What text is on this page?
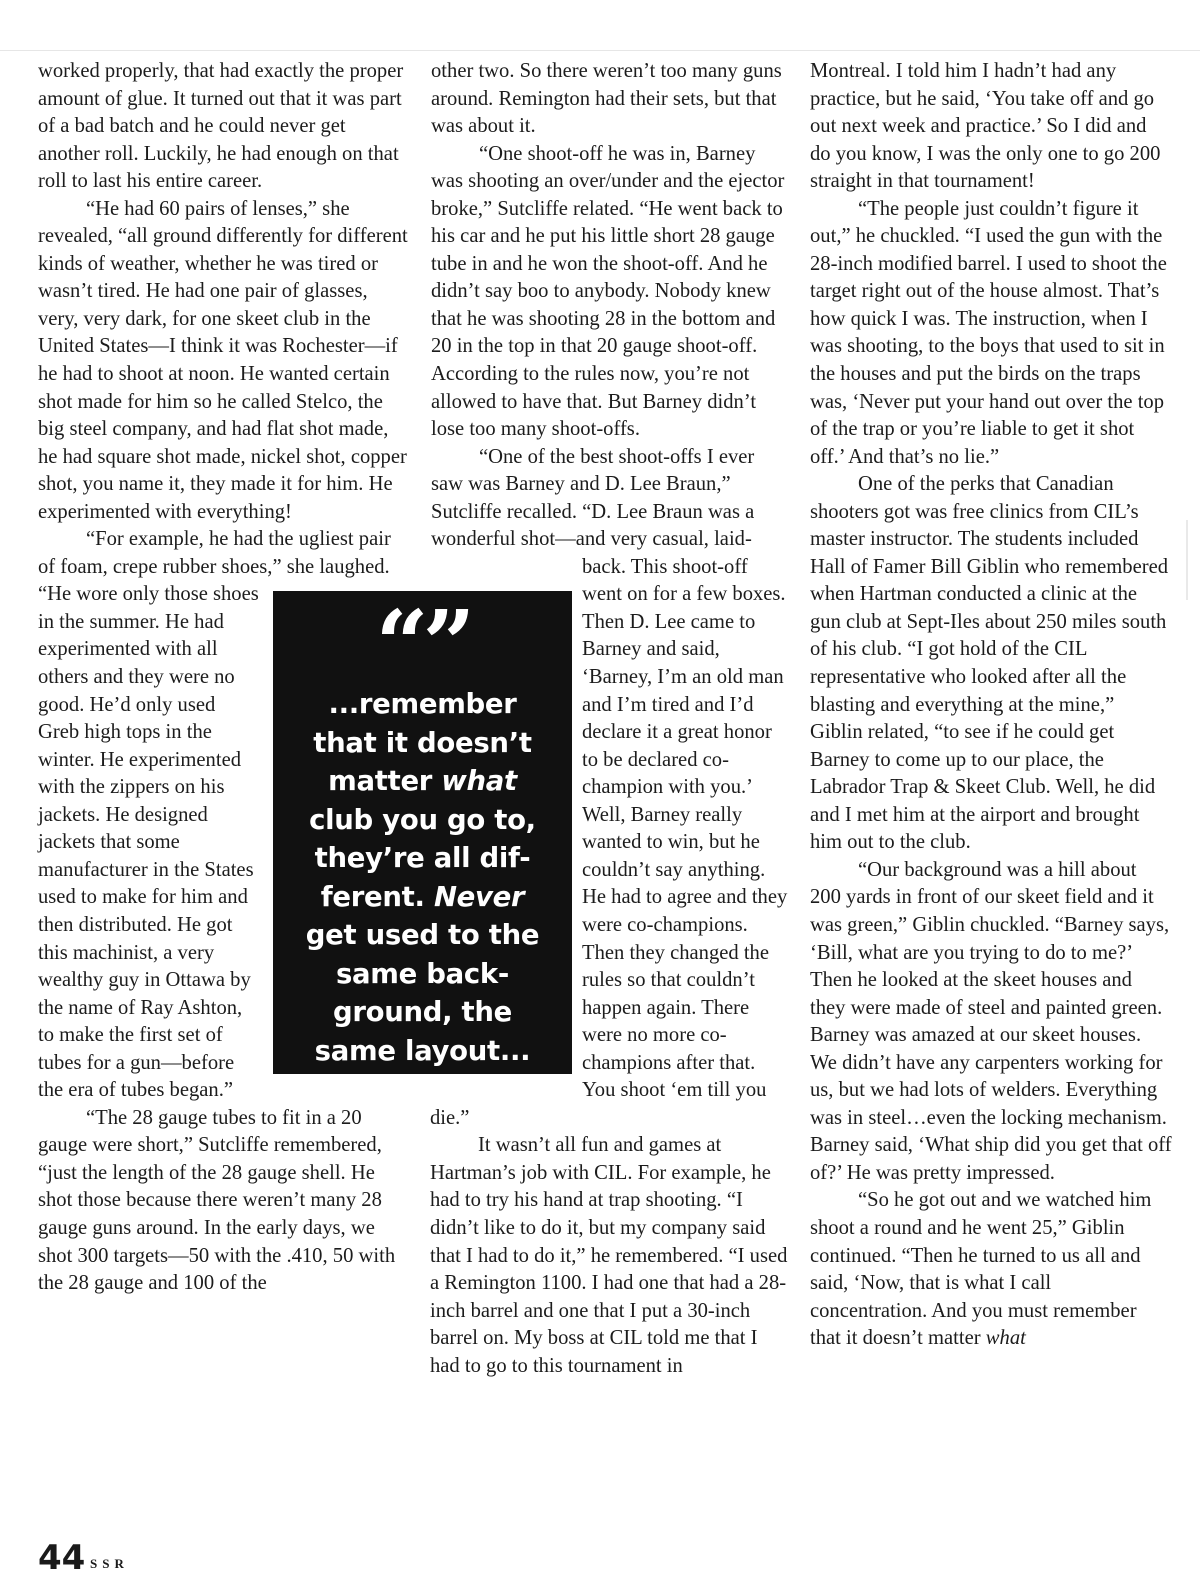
worked properly, that had exactly the proper amount of glue. It turned out that it was part of a bad batch and he could never get another roll. Luckily, he had enough on that roll to last his entire career.

“He had 60 pairs of lenses,” she revealed, “all ground differently for different kinds of weather, whether he was tired or wasn’t tired. He had one pair of glasses, very, very dark, for one skeet club in the United States—I think it was Rochester—if he had to shoot at noon. He wanted certain shot made for him so he called Stelco, the big steel company, and had flat shot made, he had square shot made, nickel shot, copper shot, you name it, they made it for him. He experimented with everything!

“For example, he had the ugliest pair of foam, crepe rubber shoes,” she laughed. “He wore only those shoes in the summer. He had experimented with all others and they were no good. He’d only used Greb high tops in the winter. He experimented with the zippers on his jackets. He designed jackets that some manufacturer in the States used to make for him and then distributed. He got this machinist, a very wealthy guy in Ottawa by the name of Ray Ashton, to make the first set of tubes for a gun—before the era of tubes began.”

“The 28 gauge tubes to fit in a 20 gauge were short,” Sutcliffe remembered, “just the length of the 28 gauge shell. He shot those because there weren’t many 28 gauge guns around. In the early days, we shot 300 targets—50 with the .410, 50 with the 28 gauge and 100 of the

other two. So there weren’t too many guns around. Remington had their sets, but that was about it.

“One shoot-off he was in, Barney was shooting an over/under and the ejector broke,” Sutcliffe related. “He went back to his car and he put his little short 28 gauge tube in and he won the shoot-off. And he didn’t say boo to anybody. Nobody knew that he was shooting 28 in the bottom and 20 in the top in that 20 gauge shoot-off. According to the rules now, you’re not allowed to have that. But Barney didn’t lose too many shoot-offs.

“One of the best shoot-offs I ever saw was Barney and D. Lee Braun,” Sutcliffe recalled. “D. Lee Braun was a wonderful shot—and very casual, laid-back. This shoot-off went on for a few boxes. Then D. Lee came to Barney and said, ‘Barney, I’m an old man and I’m tired and I’d declare it a great honor to be declared co-champion with you.’ Well, Barney really wanted to win, but he couldn’t say anything. He had to agree and they were co-champions. Then they changed the rules so that couldn’t happen again. There were no more co-champions after that. You shoot ‘em till you die.”

It wasn’t all fun and games at Hartman’s job with CIL. For example, he had to try his hand at trap shooting. “I didn’t like to do it, but my company said that I had to do it,” he remembered. “I used a Remington 1100. I had one that had a 28-inch barrel and one that I put a 30-inch barrel on. My boss at CIL told me that I had to go to this tournament in

Montreal. I told him I hadn’t had any practice, but he said, ‘You take off and go out next week and practice.’ So I did and do you know, I was the only one to go 200 straight in that tournament!

“The people just couldn’t figure it out,” he chuckled. “I used the gun with the 28-inch modified barrel. I used to shoot the target right out of the house almost. That’s how quick I was. The instruction, when I was shooting, to the boys that used to sit in the houses and put the birds on the traps was, ‘Never put your hand out over the top of the trap or you’re liable to get it shot off.’ And that’s no lie.”

One of the perks that Canadian shooters got was free clinics from CIL’s master instructor. The students included Hall of Famer Bill Giblin who remembered when Hartman conducted a clinic at the gun club at Sept-Iles about 250 miles south of his club. “I got hold of the CIL representative who looked after all the blasting and everything at the mine,” Giblin related, “to see if he could get Barney to come up to our place, the Labrador Trap & Skeet Club. Well, he did and I met him at the airport and brought him out to the club.

“Our background was a hill about 200 yards in front of our skeet field and it was green,” Giblin chuckled. “Barney says, ‘Bill, what are you trying to do to me?’ Then he looked at the skeet houses and they were made of steel and painted green. Barney was amazed at our skeet houses. We didn’t have any carpenters working for us, but we had lots of welders. Everything was in steel…even the locking mechanism. Barney said, ‘What ship did you get that off of?’ He was pretty impressed.

“So he got out and we watched him shoot a round and he went 25,” Giblin continued. “Then he turned to us all and said, ‘Now, that is what I call concentration. And you must remember that it doesn’t matter what

“”
...remember
that it doesn’t
matter what
club you go to,
they’re all dif-
ferent. Never
get used to the
same back-
ground, the
same layout...
44 SSR
